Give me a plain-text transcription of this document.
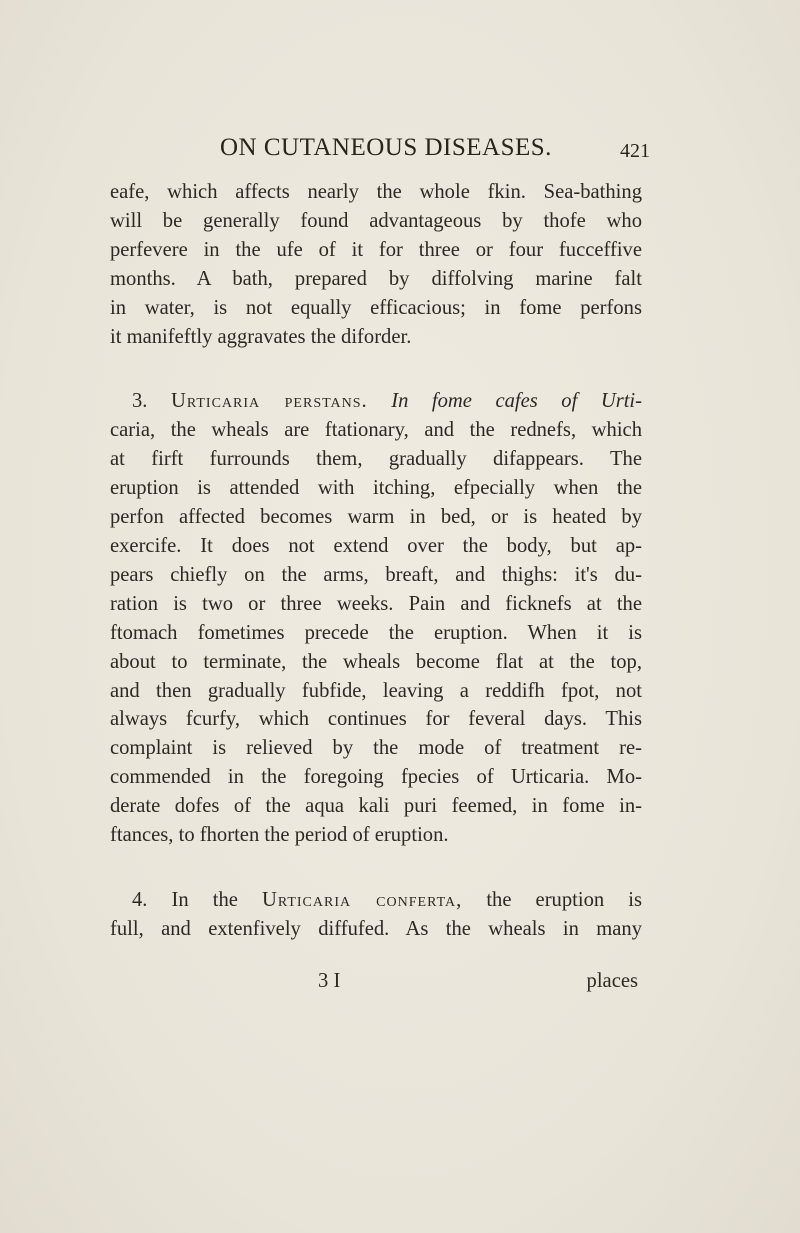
ON CUTANEOUS DISEASES.	421
eafe, which affects nearly the whole fkin. Sea-bathing
will be generally found advantageous by thofe who
perfevere in the ufe of it for three or four fucceffive
months. A bath, prepared by diffolving marine falt
in water, is not equally efficacious; in fome perfons
it manifeftly aggravates the diforder.
3. Urticaria perstans. In fome cafes of Urti-
caria, the wheals are ftationary, and the rednefs, which
at firft furrounds them, gradually difappears. The
eruption is attended with itching, efpecially when the
perfon affected becomes warm in bed, or is heated by
exercife. It does not extend over the body, but ap-
pears chiefly on the arms, breaft, and thighs: it's du-
ration is two or three weeks. Pain and ficknefs at the
ftomach fometimes precede the eruption. When it is
about to terminate, the wheals become flat at the top,
and then gradually fubfide, leaving a reddifh fpot, not
always fcurfy, which continues for feveral days. This
complaint is relieved by the mode of treatment re-
commended in the foregoing fpecies of Urticaria. Mo-
derate dofes of the aqua kali puri feemed, in fome in-
ftances, to fhorten the period of eruption.
4. In the Urticaria conferta, the eruption is
full, and extenfively diffufed. As the wheals in many
3 I	places
